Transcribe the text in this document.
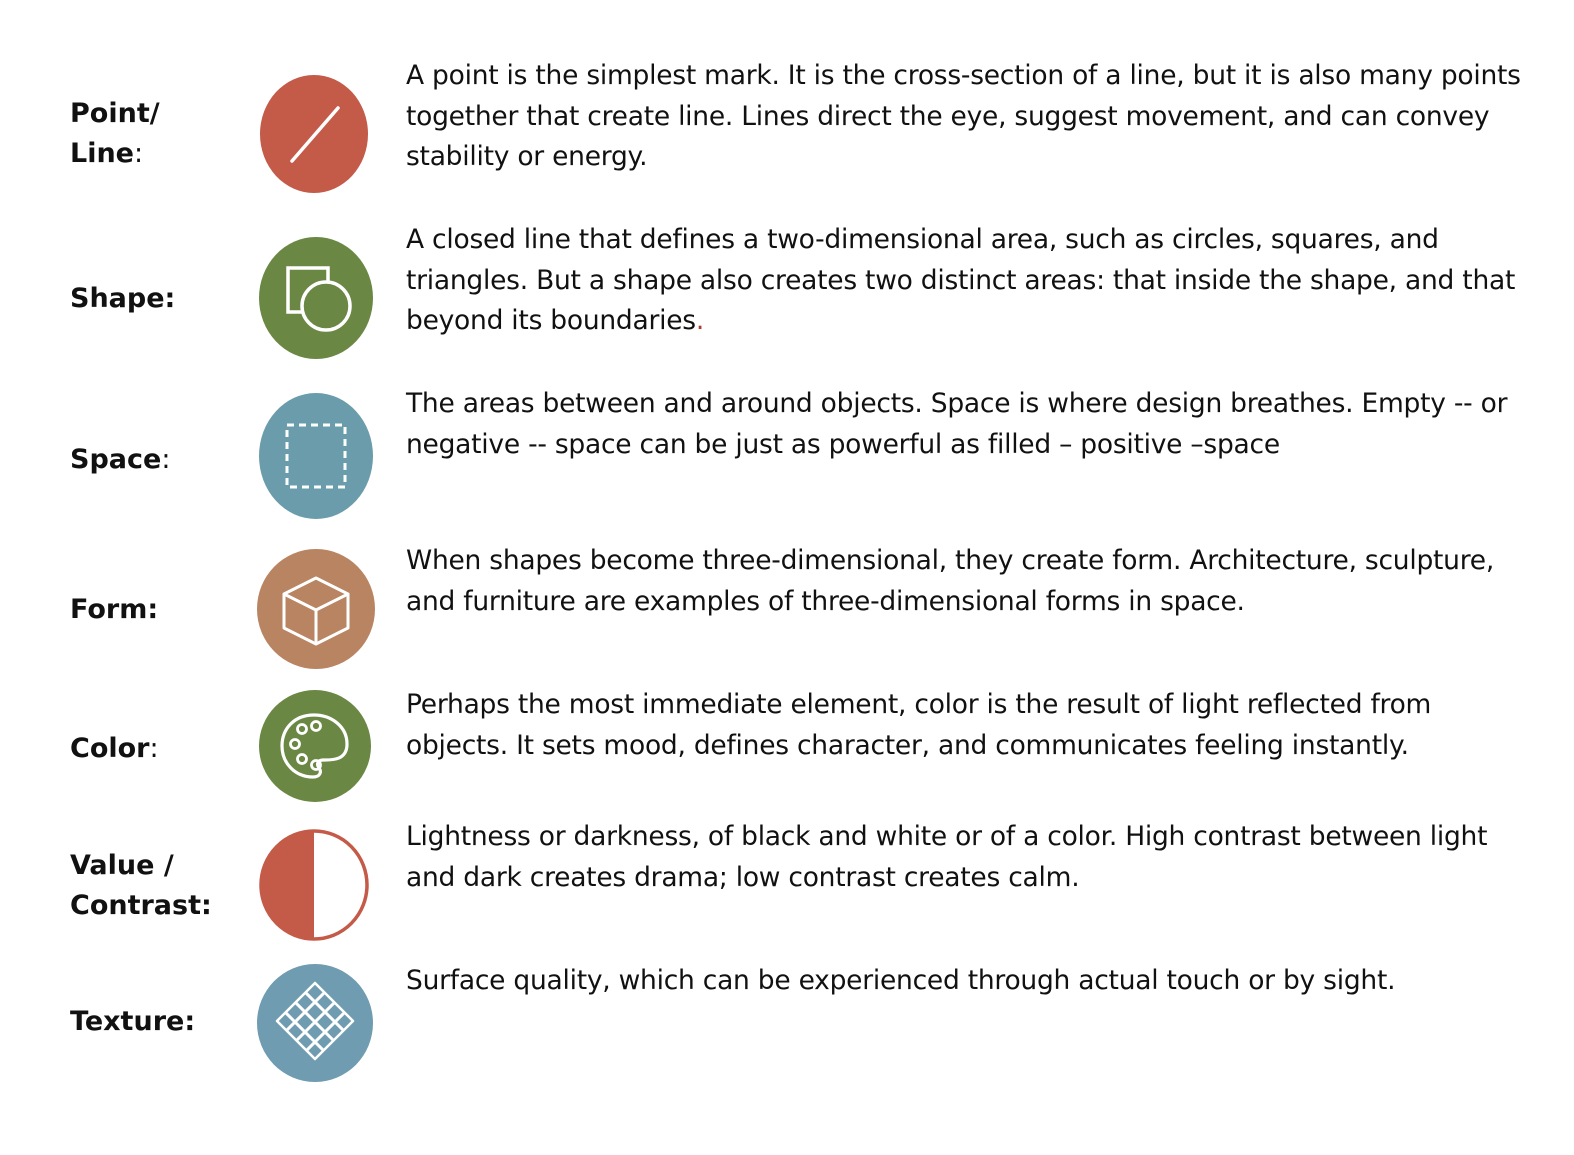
Point/
Line:
A point is the simplest mark. It is the cross-section of a line, but it is also many points together that create line. Lines direct the eye, suggest movement, and can convey stability or energy.
Shape:
A closed line that defines a two-dimensional area, such as circles, squares, and triangles. But a shape also creates two distinct areas: that inside the shape, and that beyond its boundaries.
Space:
The areas between and around objects. Space is where design breathes. Empty -- or negative -- space can be just as powerful as filled – positive –space
Form:
When shapes become three-dimensional, they create form. Architecture, sculpture, and furniture are examples of three-dimensional forms in space.
Color:
Perhaps the most immediate element, color is the result of light reflected from objects. It sets mood, defines character, and communicates feeling instantly.
Value /
Contrast:
Lightness or darkness, of black and white or of a color. High contrast between light and dark creates drama; low contrast creates calm.
Texture:
Surface quality, which can be experienced through actual touch or by sight.
